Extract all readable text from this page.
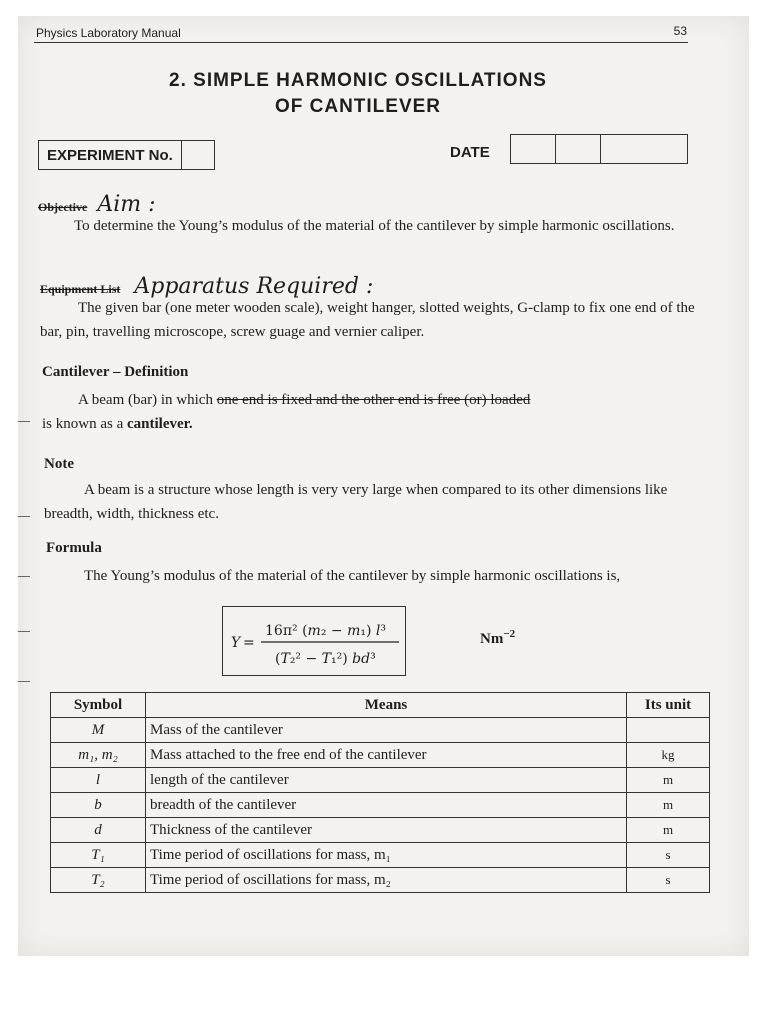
Physics Laboratory Manual	53
2. SIMPLE HARMONIC OSCILLATIONS
OF CANTILEVER
EXPERIMENT No.	DATE
Objective Aim :
To determine the Young’s modulus of the material of the cantilever by simple harmonic oscillations.
Equipment List Apparatus Required :
The given bar (one meter wooden scale), weight hanger, slotted weights, G-clamp to fix one end of the bar, pin, travelling microscope, screw guage and vernier caliper.
Cantilever – Definition
A beam (bar) in which one end is fixed and the other end is free (or) loaded
is known as a cantilever.
Note
A beam is a structure whose length is very very large when compared to its other dimensions like breadth, width, thickness etc.
Formula
The Young’s modulus of the material of the cantilever by simple harmonic oscillations is,
Y =
16π² (m₂ − m₁) l³
(T₂² − T₁²) bd³
$Nm^{-2}$
Symbol	Means	Its unit
M	Mass of the cantilever	
m₁, m₂	Mass attached to the free end of the cantilever	kg
l	length of the cantilever	m
b	breadth of the cantilever	m
d	Thickness of the cantilever	m
T₁	Time period of oscillations for mass, m₁	s
T₂	Time period of oscillations for mass, m₂	s
